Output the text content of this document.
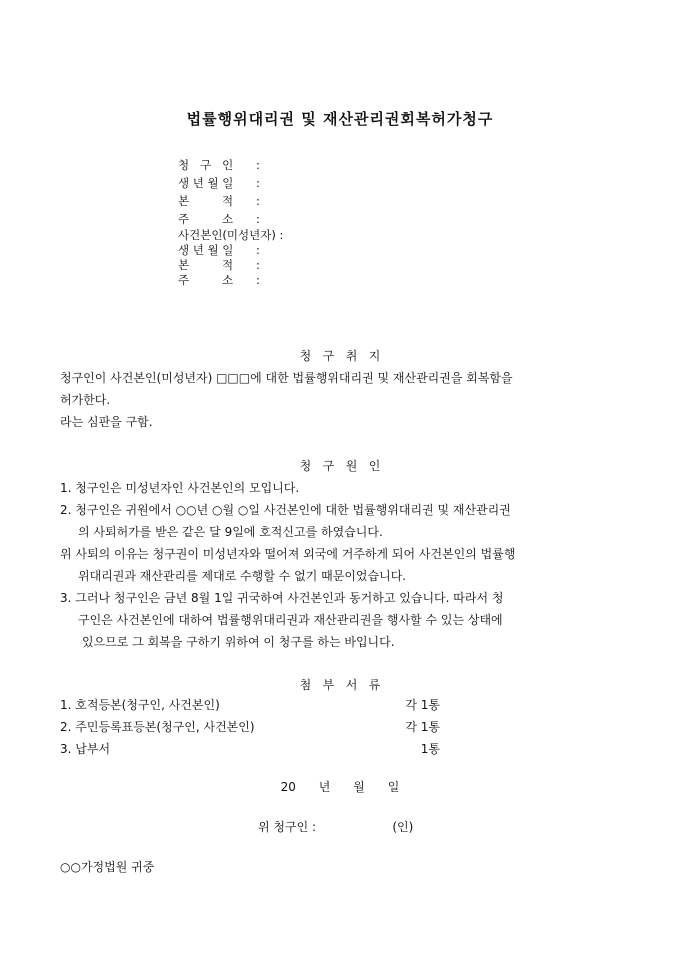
법률행위대리권 및 재산관리권회복허가청구
청   구   인 :
생 년 월 일 :
본         적 :
주         소 :
사건본인(미성년자) :
생 년 월 일 :
본         적 :
주         소 :
청   구   취   지
청구인이 사건본인(미성년자) □□□에 대한 법률행위대리권 및 재산관리권을 회복함을
허가한다.
라는 심판을 구함.
청   구   원   인
1. 청구인은 미성년자인 사건본인의 모입니다.
2. 청구인은 귀원에서 ○○년 ○월 ○일 사건본인에 대한 법률행위대리권 및 재산관리권
의 사퇴허가를 받은 같은 달 9일에 호적신고를 하였습니다.
위 사퇴의 이유는 청구권이 미성년자와 떨어져 외국에 거주하게 되어 사건본인의 법률행
위대리권과 재산관리를 제대로 수행할 수 없기 때문이었습니다.
3. 그러나 청구인은 금년 8월 1일 귀국하여 사건본인과 동거하고 있습니다. 따라서 청
구인은 사건본인에 대하여 법률행위대리권과 재산관리권을 행사할 수 있는 상태에
있으므로 그 회복을 구하기 위하여 이 청구를 하는 바입니다.
첨   부   서   류
1. 호적등본(청구인, 사건본인)	각 1통
2. 주민등록표등본(청구인, 사건본인)	각 1통
3. 납부서	1통
20      년      월      일
위 청구인 :                    (인)
○○가정법원 귀중
